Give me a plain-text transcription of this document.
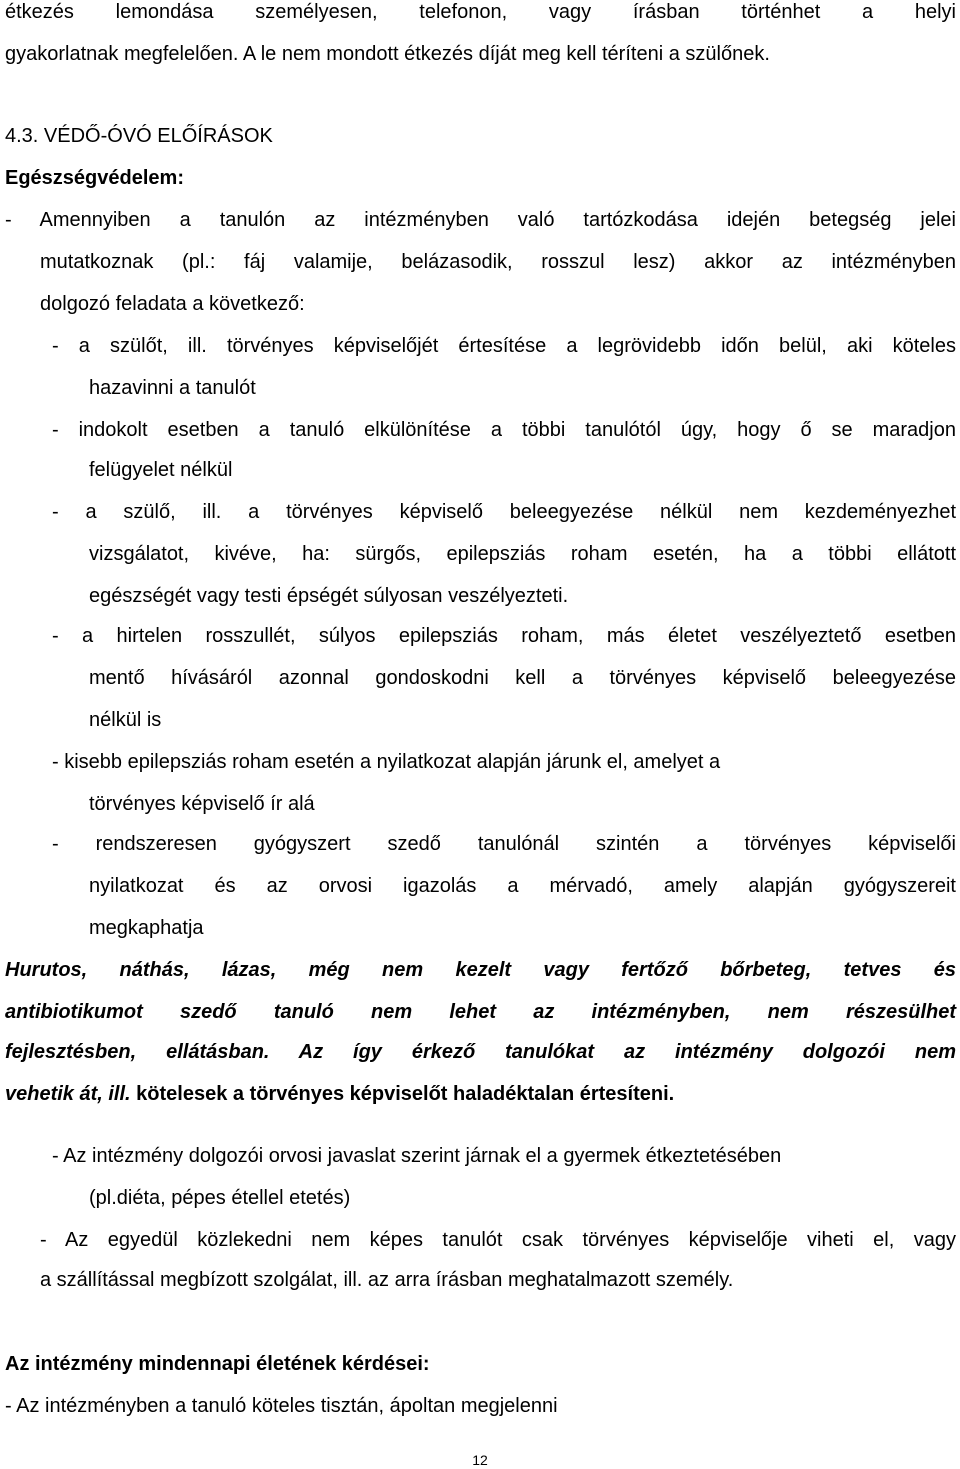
étkezés lemondása személyesen, telefonon, vagy írásban történhet a helyi
gyakorlatnak megfelelően. A le nem mondott étkezés díját meg kell téríteni a szülőnek.
4.3. VÉDŐ-ÓVÓ ELŐÍRÁSOK
Egészségvédelem:
- Amennyiben a tanulón az intézményben való tartózkodása idején betegség jelei
mutatkoznak (pl.: fáj valamije, belázasodik, rosszul lesz) akkor az intézményben
dolgozó feladata a következő:
- a szülőt, ill. törvényes képviselőjét értesítése a legrövidebb időn belül, aki köteles
hazavinni a tanulót
- indokolt esetben a tanuló elkülönítése a többi tanulótól úgy, hogy ő se maradjon
felügyelet nélkül
- a szülő, ill. a törvényes képviselő beleegyezése nélkül nem kezdeményezhet
vizsgálatot, kivéve, ha: sürgős, epilepsziás roham esetén, ha a többi ellátott
egészségét vagy testi épségét súlyosan veszélyezteti.
- a hirtelen rosszullét, súlyos epilepsziás roham, más életet veszélyeztető esetben
mentő hívásáról azonnal gondoskodni kell a törvényes képviselő beleegyezése
nélkül is
- kisebb epilepsziás roham esetén a nyilatkozat alapján járunk el, amelyet a
törvényes képviselő ír alá
- rendszeresen gyógyszert szedő tanulónál szintén a törvényes képviselői
nyilatkozat és az orvosi igazolás a mérvadó, amely alapján gyógyszereit
megkaphatja
Hurutos, náthás, lázas, még nem kezelt vagy fertőző bőrbeteg, tetves és
antibiotikumot szedő tanuló nem lehet az intézményben, nem részesülhet
fejlesztésben, ellátásban. Az így érkező tanulókat az intézmény dolgozói nem
vehetik át, ill. kötelesek a törvényes képviselőt haladéktalan értesíteni.
- Az intézmény dolgozói orvosi javaslat szerint járnak el a gyermek étkeztetésében
(pl.diéta, pépes étellel etetés)
- Az egyedül közlekedni nem képes tanulót csak törvényes képviselője viheti el, vagy
a szállítással megbízott szolgálat, ill. az arra írásban meghatalmazott személy.
Az intézmény mindennapi életének kérdései:
- Az intézményben a tanuló köteles tisztán, ápoltan megjelenni
12
